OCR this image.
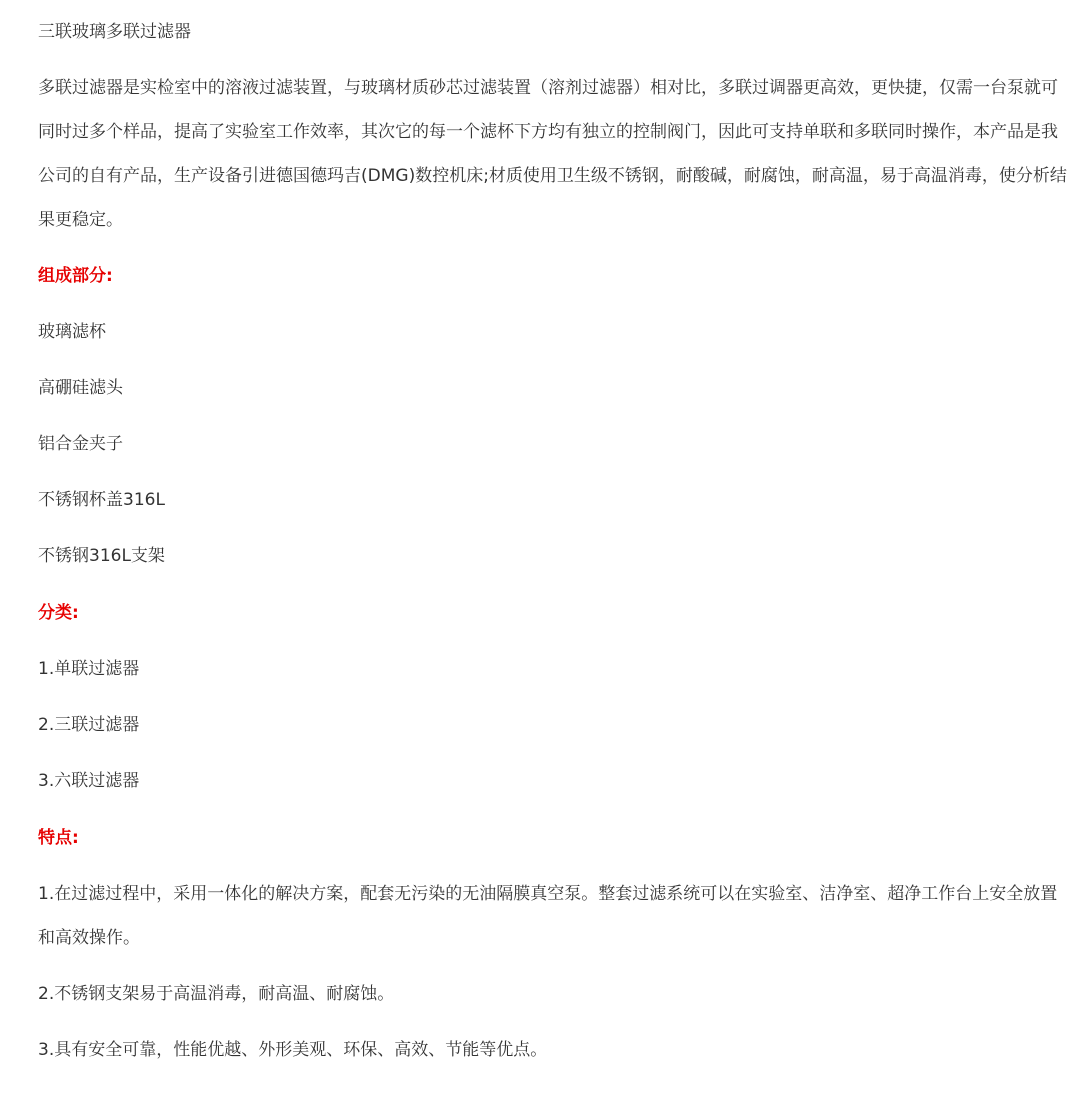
三联玻璃多联过滤器

多联过滤器是实检室中的溶液过滤装置，与玻璃材质砂芯过滤装置（溶剂过滤器）相对比，多联过调器更高效，更快捷，仅需一台泵就可同时过多个样品，提高了实验室工作效率，其次它的每一个滤杯下方均有独立的控制阀门，因此可支持单联和多联同时操作，本产品是我公司的自有产品，生产设备引进德国德玛吉(DMG)数控机床;材质使用卫生级不锈钢，耐酸碱，耐腐蚀，耐高温，易于高温消毒，使分析结果更稳定。

组成部分:

玻璃滤杯

高硼硅滤头

铝合金夹子

不锈钢杯盖316L

不锈钢316L支架

分类:

1.单联过滤器

2.三联过滤器

3.六联过滤器

特点:

1.在过滤过程中，采用一体化的解决方案，配套无污染的无油隔膜真空泵。整套过滤系统可以在实验室、洁净室、超净工作台上安全放置和高效操作。

2.不锈钢支架易于高温消毒，耐高温、耐腐蚀。

3.具有安全可靠，性能优越、外形美观、环保、高效、节能等优点。
